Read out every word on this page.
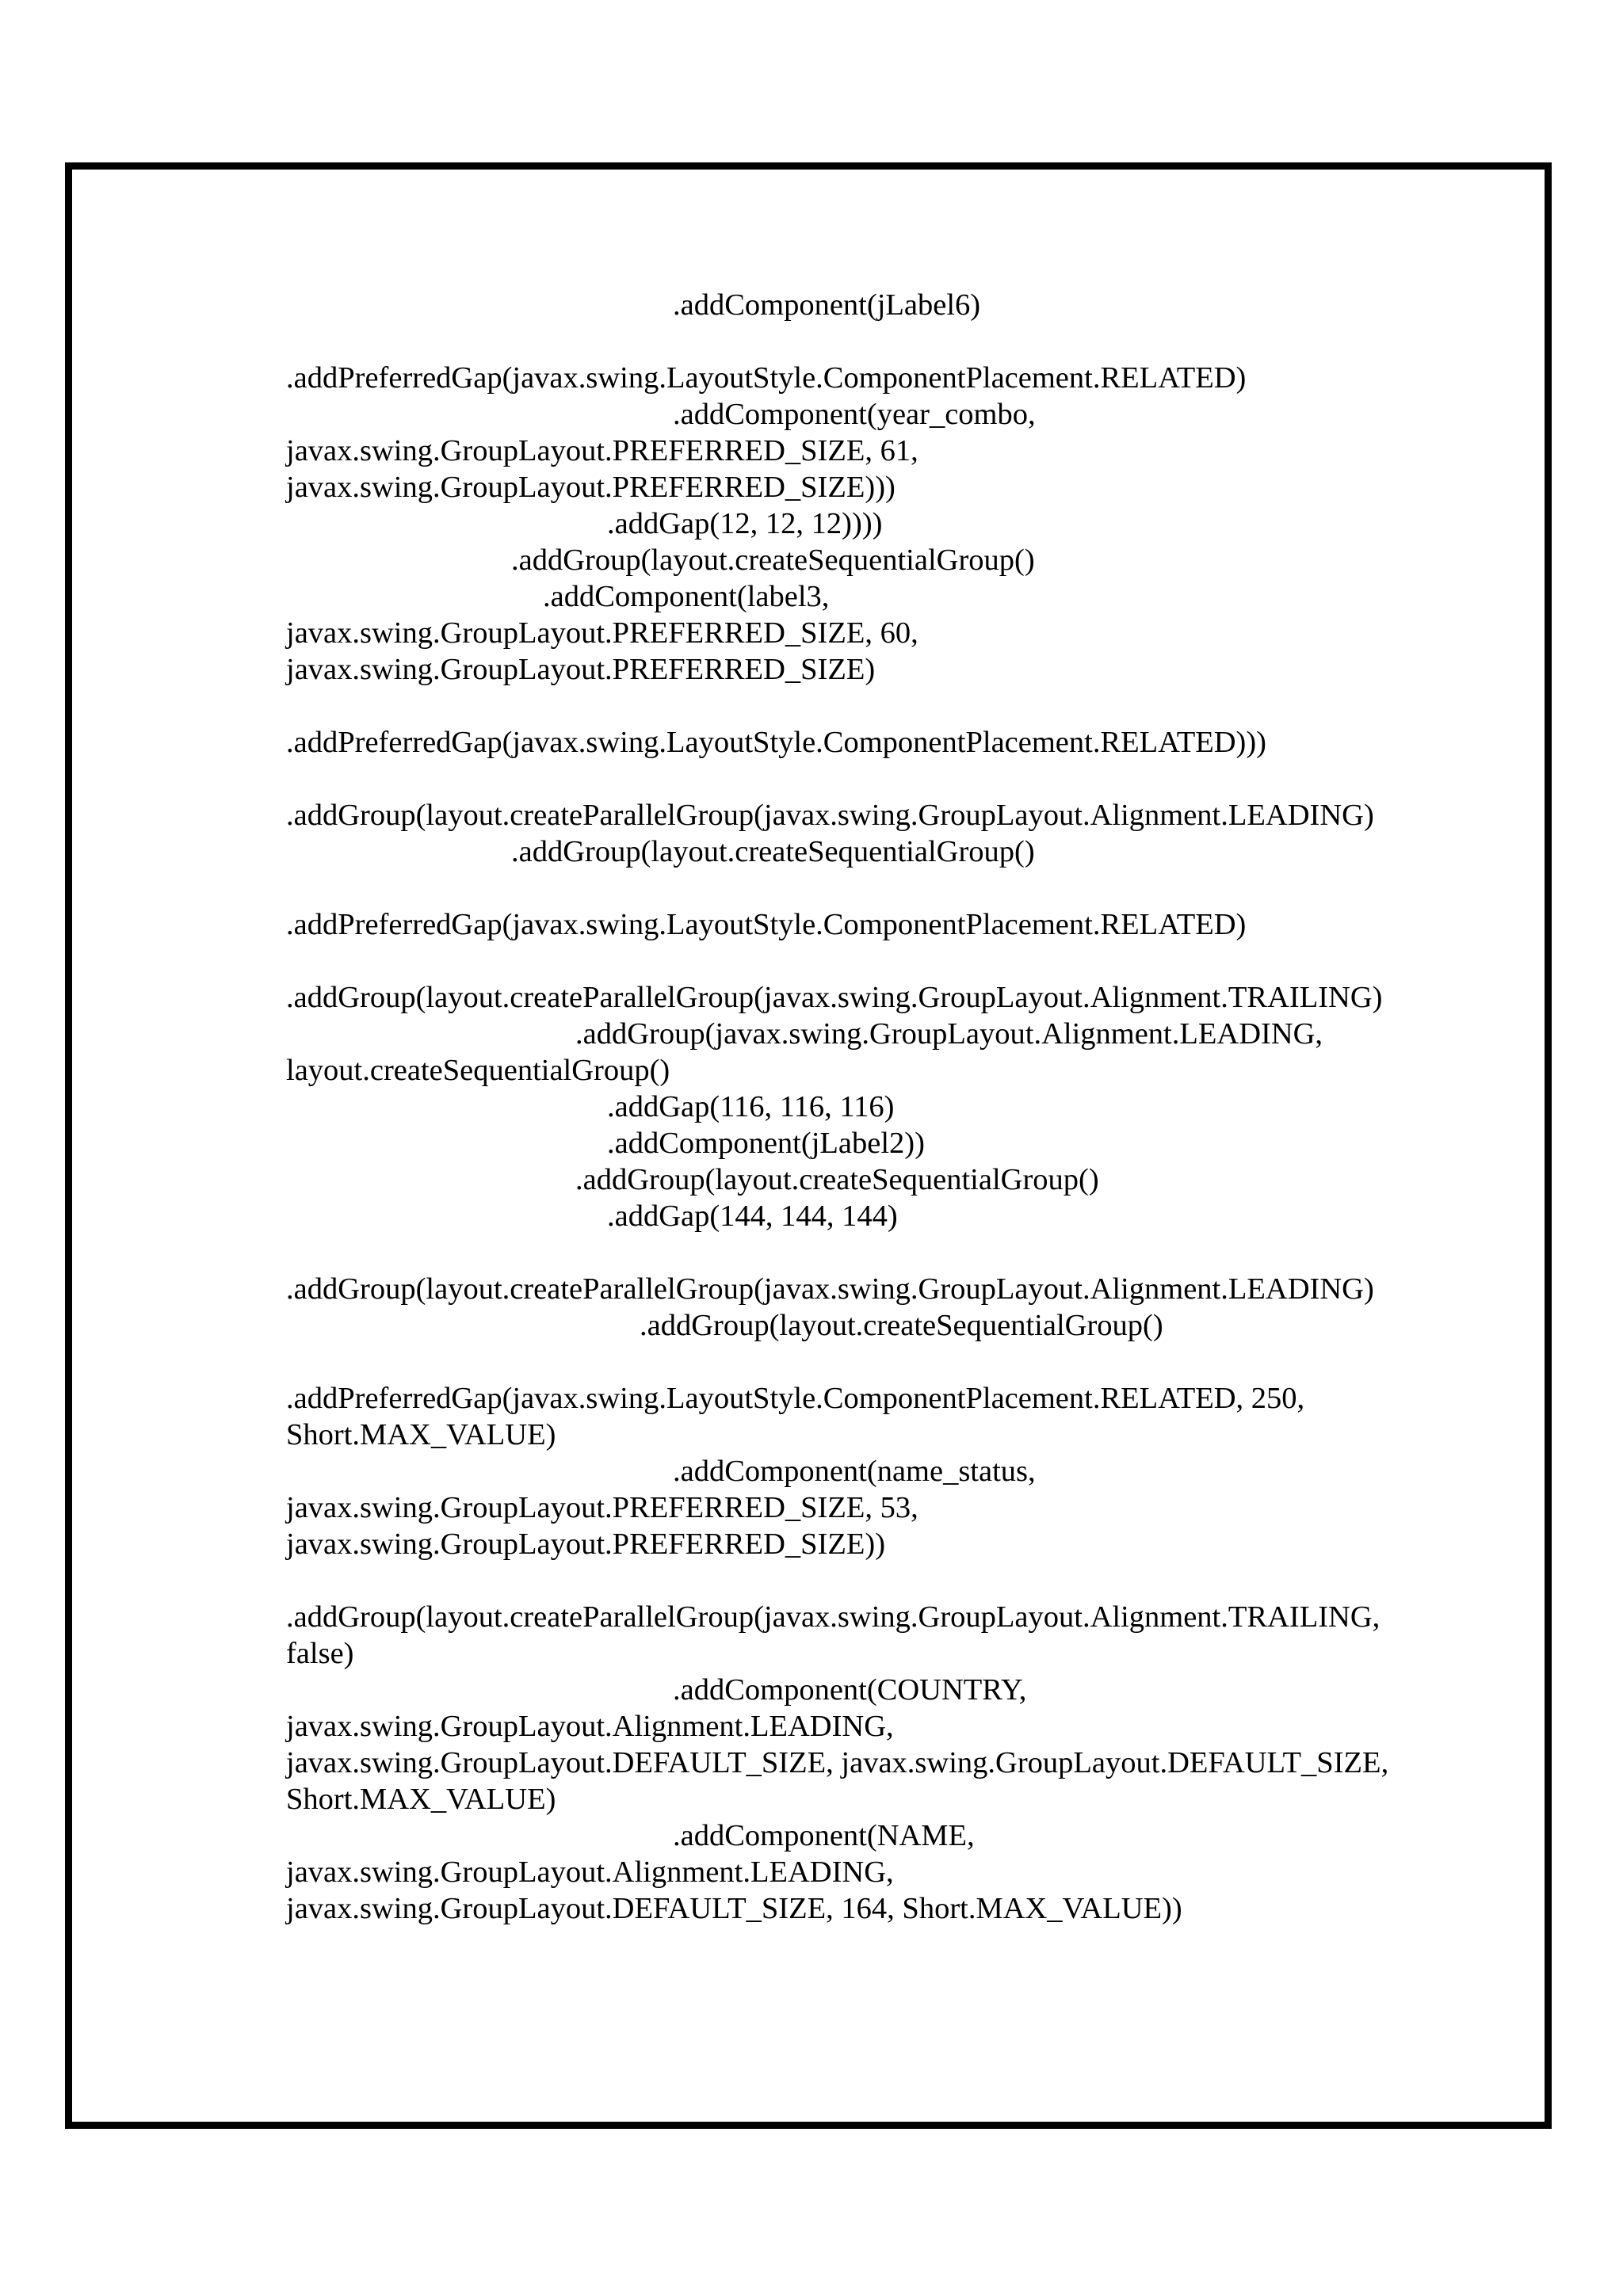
.addComponent(jLabel6)
.addPreferredGap(javax.swing.LayoutStyle.ComponentPlacement.RELATED)
.addComponent(year_combo,
javax.swing.GroupLayout.PREFERRED_SIZE, 61,
javax.swing.GroupLayout.PREFERRED_SIZE)))
.addGap(12, 12, 12))))
.addGroup(layout.createSequentialGroup()
.addComponent(label3,
javax.swing.GroupLayout.PREFERRED_SIZE, 60,
javax.swing.GroupLayout.PREFERRED_SIZE)
.addPreferredGap(javax.swing.LayoutStyle.ComponentPlacement.RELATED)))
.addGroup(layout.createParallelGroup(javax.swing.GroupLayout.Alignment.LEADING)
.addGroup(layout.createSequentialGroup()
.addPreferredGap(javax.swing.LayoutStyle.ComponentPlacement.RELATED)
.addGroup(layout.createParallelGroup(javax.swing.GroupLayout.Alignment.TRAILING)
.addGroup(javax.swing.GroupLayout.Alignment.LEADING,
layout.createSequentialGroup()
.addGap(116, 116, 116)
.addComponent(jLabel2))
.addGroup(layout.createSequentialGroup()
.addGap(144, 144, 144)
.addGroup(layout.createParallelGroup(javax.swing.GroupLayout.Alignment.LEADING)
.addGroup(layout.createSequentialGroup()
.addPreferredGap(javax.swing.LayoutStyle.ComponentPlacement.RELATED, 250,
Short.MAX_VALUE)
.addComponent(name_status,
javax.swing.GroupLayout.PREFERRED_SIZE, 53,
javax.swing.GroupLayout.PREFERRED_SIZE))
.addGroup(layout.createParallelGroup(javax.swing.GroupLayout.Alignment.TRAILING,
false)
.addComponent(COUNTRY,
javax.swing.GroupLayout.Alignment.LEADING,
javax.swing.GroupLayout.DEFAULT_SIZE, javax.swing.GroupLayout.DEFAULT_SIZE,
Short.MAX_VALUE)
.addComponent(NAME,
javax.swing.GroupLayout.Alignment.LEADING,
javax.swing.GroupLayout.DEFAULT_SIZE, 164, Short.MAX_VALUE))
